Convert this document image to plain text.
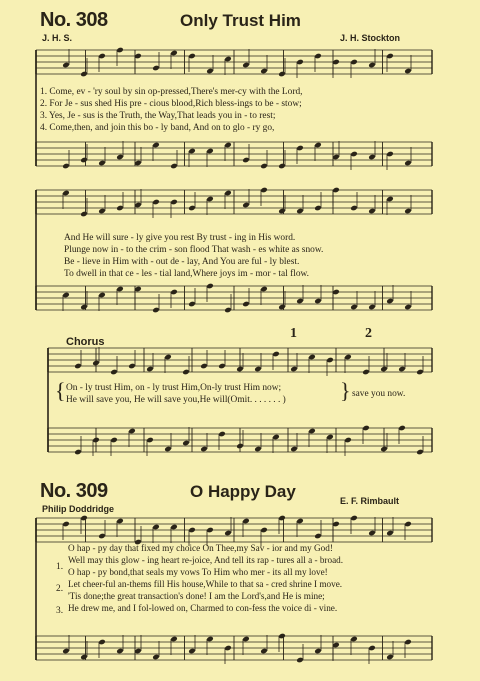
No. 308	Only Trust Him
J. H. S.	J. H. Stockton
1. Come, ev - 'ry soul by sin op-pressed,There's mer-cy with the Lord,
2. For Je - sus shed His pre - cious blood,Rich bless-ings to be - stow;
3. Yes, Je - sus is the Truth, the Way,That leads you in - to rest;
4. Come,then, and join this bo - ly band, And on to glo - ry go,
And He will sure - ly give you rest By trust - ing in His word.
Plunge now in - to the crim - son flood That wash - es white as snow.
Be - lieve in Him with - out de - lay, And You are ful - ly blest.
To dwell in that ce - les - tial land,Where joys im - mor - tal flow.
Chorus
1	2
{ On - ly trust Him, on - ly trust Him,On-ly trust Him now;
He will save you, He will save you,He will(Omit. . . . . . . ) } save you now.
No. 309	O Happy Day
Philip Doddridge
E. F. Rimbault
1.
2.
3.
O hap - py day that fixed my choice On Thee,my Sav - ior and my God!
Well may this glow - ing heart re-joice, And tell its rap - tures all a - broad.
O hap - py bond,that seals my vows To Him who mer - its all my love!
Let cheer-ful an-thems fill His house,While to that sa - cred shrine I move.
'Tis done;the great transaction's done! I am the Lord's,and He is mine;
He drew me, and I fol-lowed on, Charmed to con-fess the voice di - vine.
